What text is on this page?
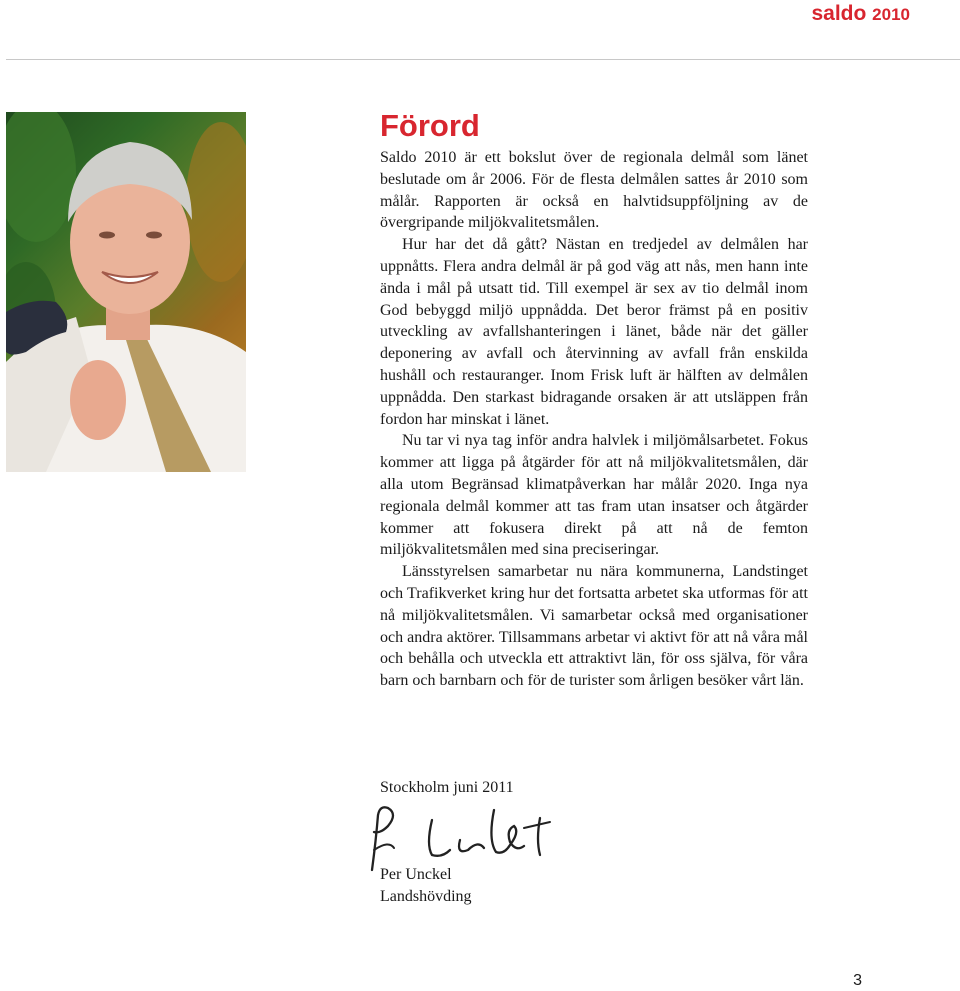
saldo 2010
Förord

Saldo 2010 är ett bokslut över de regionala delmål som länet beslutade om år 2006. För de flesta delmålen sattes år 2010 som målår. Rapporten är också en halvtidsuppföljning av de övergripande miljökvalitetsmålen.

Hur har det då gått? Nästan en tredjedel av delmålen har uppnåtts. Flera andra delmål är på god väg att nås, men hann inte ända i mål på utsatt tid. Till exempel är sex av tio delmål inom God bebyggd miljö uppnådda. Det beror främst på en positiv utveckling av avfallshanteringen i länet, både när det gäller deponering av avfall och återvinning av avfall från enskilda hushåll och restauranger. Inom Frisk luft är hälften av delmålen uppnådda. Den starkast bidragande orsaken är att utsläppen från fordon har minskat i länet.

Nu tar vi nya tag inför andra halvlek i miljömålsarbetet. Fokus kommer att ligga på åtgärder för att nå miljökvalitetsmålen, där alla utom Begränsad klimatpåverkan har målår 2020. Inga nya regionala delmål kommer att tas fram utan insatser och åtgärder kommer att fokusera direkt på att nå de femton miljökvalitetsmålen med sina preciseringar.

Länsstyrelsen samarbetar nu nära kommunerna, Landstinget och Trafikverket kring hur det fortsatta arbetet ska utformas för att nå miljökvalitetsmålen. Vi samarbetar också med organisationer och andra aktörer. Tillsammans arbetar vi aktivt för att nå våra mål och behålla och utveckla ett attraktivt län, för oss själva, för våra barn och barnbarn och för de turister som årligen besöker vårt län.

Stockholm juni 2011
Per Unckel
Landshövding
3
